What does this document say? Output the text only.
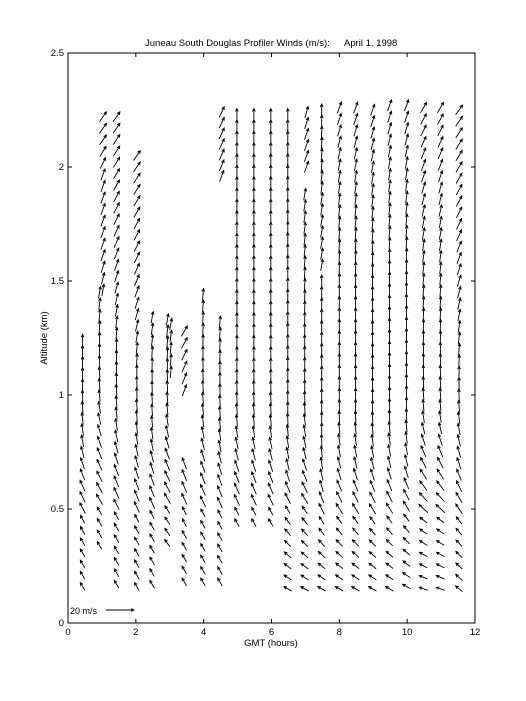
Juneau South Douglas Profiler Winds (m/s): April 1, 1998
0	2	4	6	8	10	12
0
0.5
1
1.5
2
2.5
GMT (hours)
Altitude (km)
20 m/s
